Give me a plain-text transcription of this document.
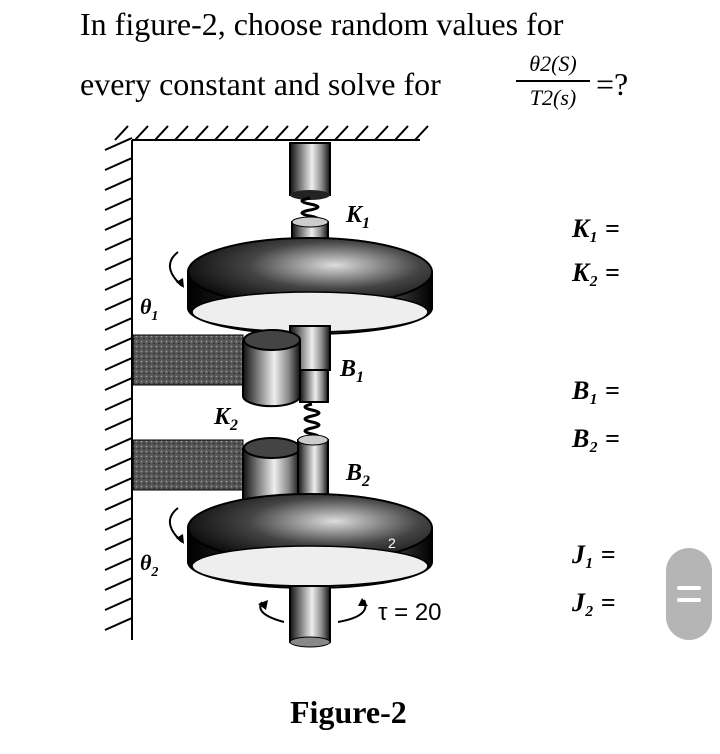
In figure-2, choose random values for
every constant and solve for
θ2(S)
T2(s) =?
$K_1$
$\theta_1$
$B_1$
$K_2$
$B_2$
$\theta_2$
2
τ = 20
K₁ =
K₂ =
B₁ =
B₂ =
J₁ =
J₂ =
Figure-2
